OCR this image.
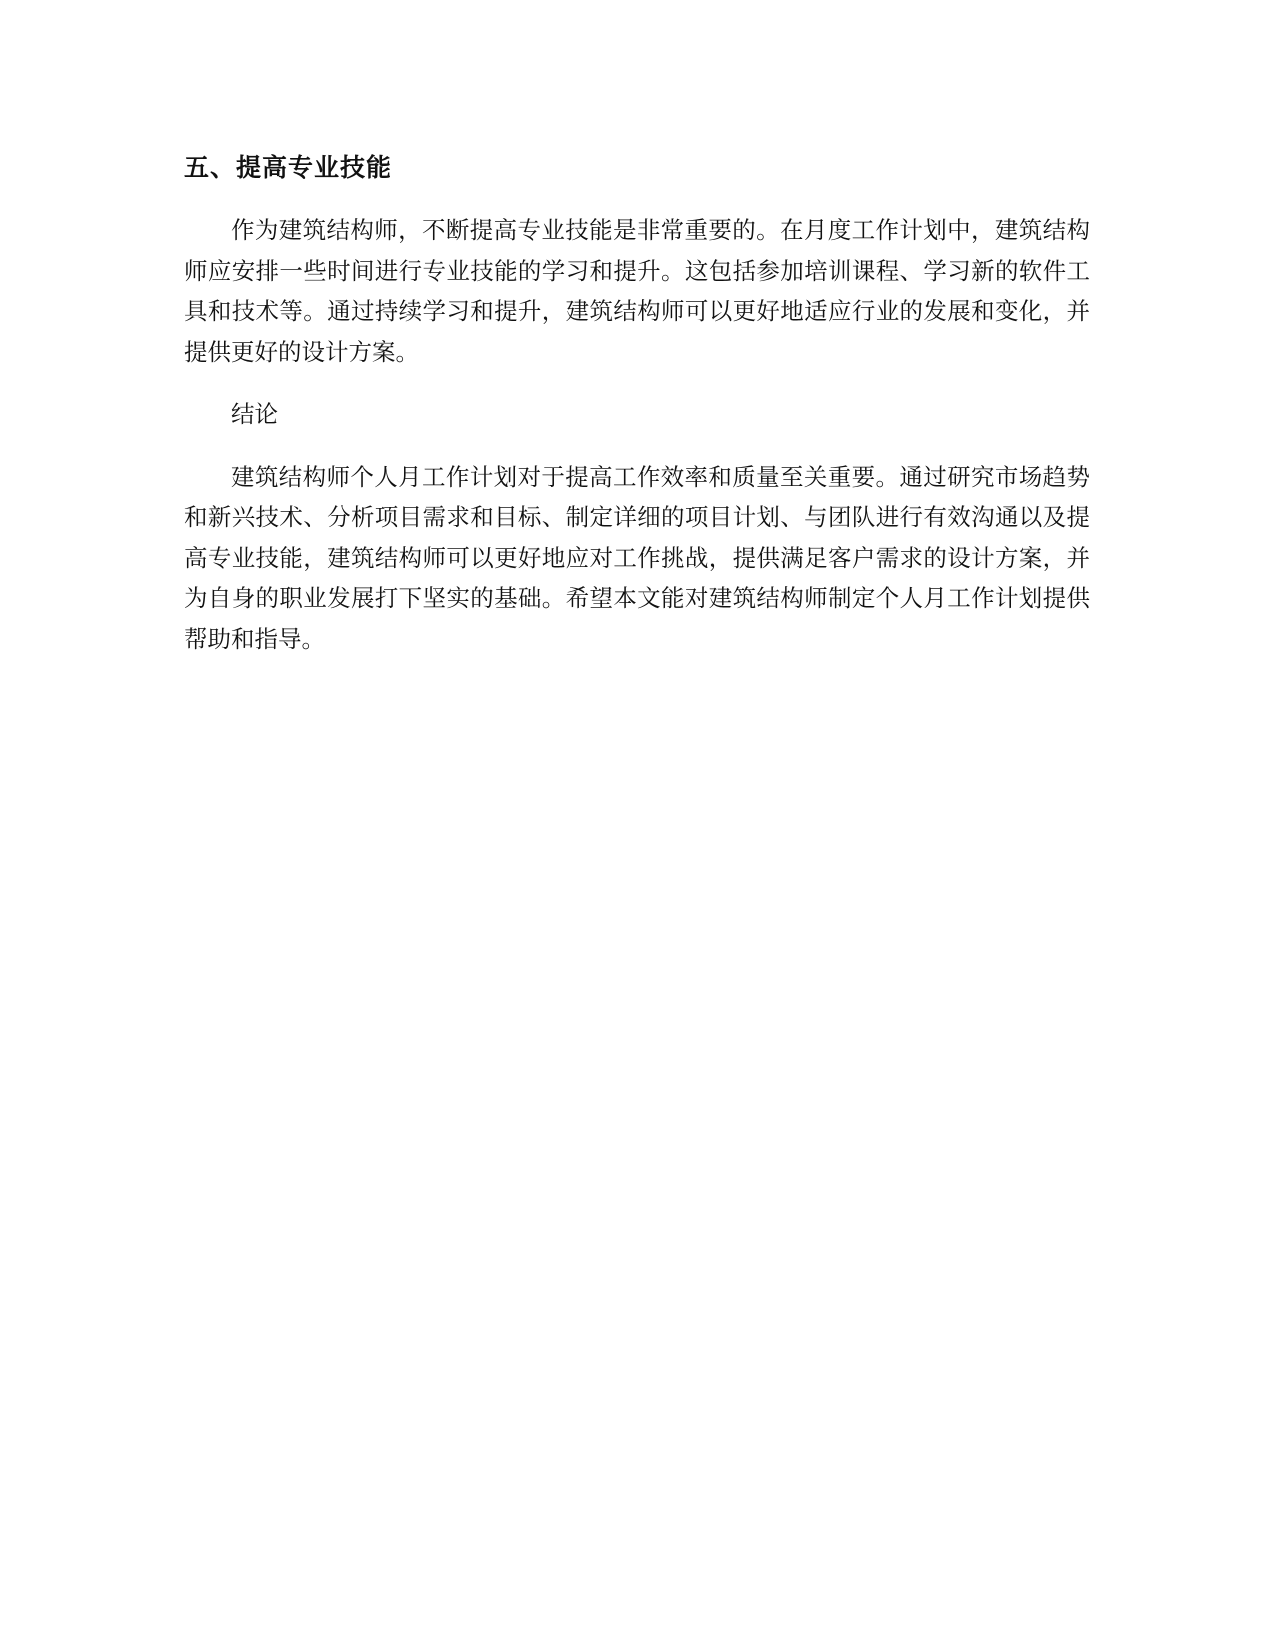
五、提高专业技能

作为建筑结构师，不断提高专业技能是非常重要的。在月度工作计划中，建筑结构师应安排一些时间进行专业技能的学习和提升。这包括参加培训课程、学习新的软件工具和技术等。通过持续学习和提升，建筑结构师可以更好地适应行业的发展和变化，并提供更好的设计方案。

结论

建筑结构师个人月工作计划对于提高工作效率和质量至关重要。通过研究市场趋势和新兴技术、分析项目需求和目标、制定详细的项目计划、与团队进行有效沟通以及提高专业技能，建筑结构师可以更好地应对工作挑战，提供满足客户需求的设计方案，并为自身的职业发展打下坚实的基础。希望本文能对建筑结构师制定个人月工作计划提供帮助和指导。
